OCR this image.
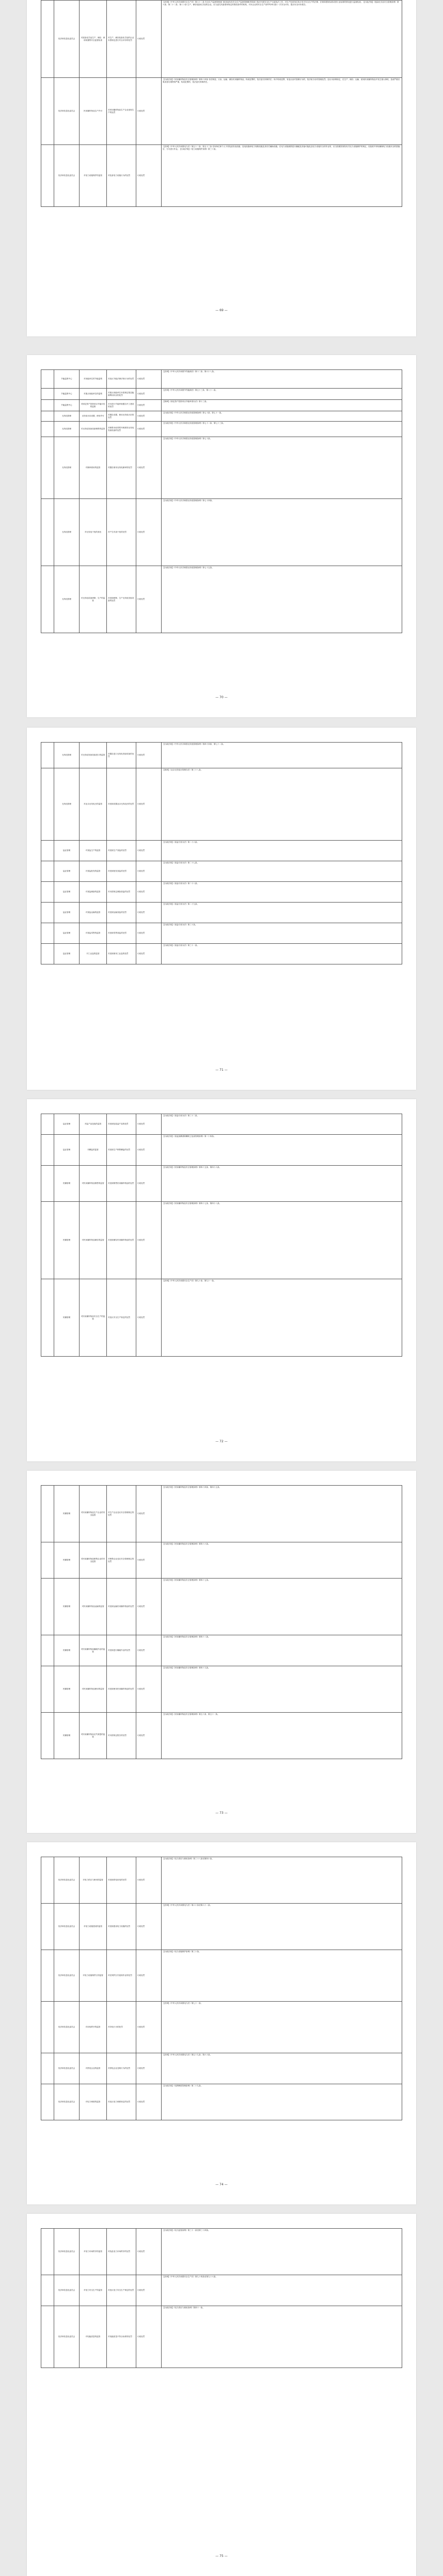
	经济和信息化委员会	对危险化学品生产、储存、使用装置的安全监管检查	对生产、储存危险化学品的企业未按规定进行安全评价的处罚	行政处罚	【法律】《中华人民共和国安全生产法》第六十二条 安全生产监督管理部门和其他负有安全生产监督管理职责的部门依法开展安全生产行政执法工作，对生产经营单位执行有关安全生产的法律、法规和国家标准或者行业标准的情况进行监督检查。【行政法规】《危险化学品安全管理条例》第六条、第二十二条、第八十条 生产、储存危险化学品的企业，应当委托具备国家规定的资质条件的机构，对本企业的安全生产条件每3年进行一次安全评价，提出安全评价报告。
	经济和信息化委员会	民用爆炸物品生产许可	对民用爆炸物品生产企业违规生产的处罚	行政处罚	【行政法规】《民用爆炸物品安全管理条例》第四十四条 非法制造、买卖、运输、储存民用爆炸物品，构成犯罪的，依法追究刑事责任；尚不构成犯罪，有违反治安管理行为的，依法给予治安管理处罚。违反本条例规定，在生产、储存、运输、使用民用爆炸物品中发生重大事故，造成严重后果或者后果特别严重，构成犯罪的，依法追究刑事责任。
	经济和信息化委员会	对电力设施保护的监管	对危害电力设施行为的处罚	行政处罚	【法律】《中华人民共和国电力法》第五十二条、第五十三条 任何单位和个人不得危害发电设施、变电设施和电力线路设施及其有关辅助设施。在电力设施周围进行爆破及其他可能危及电力设施安全的作业的，应当按照国务院有关电力设施保护的规定，经批准并采取确保电力设施安全的措施后，方可进行作业。【行政法规】《电力设施保护条例》第三十条。
— 69 —
	节能监察中心	对用能单位的节能监察	对违反节能法律法规行为的处罚	行政处罚	【法律】《中华人民共和国节约能源法》第十二条、第六十八条。
	节能监察中心	对重点用能单位的监察	对重点用能单位未按规定报送能源利用状况的处罚	行政处罚	【法律】《中华人民共和国节约能源法》第五十三条、第八十二条。
	节能监察中心	对固定资产投资项目节能评估的监察	对未进行节能审查擅自开工建设的处罚	行政处罚	【规章】《固定资产投资项目节能审查办法》第十三条。
	无线电管理	无线电台站设置、使用许可	对擅自设置、使用无线电台站的处罚	行政处罚	【行政法规】《中华人民共和国无线电管理条例》第七十条、第七十一条。
	无线电管理	对无线电发射设备销售的监管	对销售未取得型号核准的无线电发射设备的处罚	行政处罚	【行政法规】《中华人民共和国无线电管理条例》第七十二条、第七十三条。
	无线电管理	对频率使用的监管	对擅自使用无线电频率的处罚	行政处罚	【行政法规】《中华人民共和国无线电管理条例》第七十条。
	无线电管理	对无线电干扰的查处	对产生有害干扰的处罚	行政处罚	【行政法规】《中华人民共和国无线电管理条例》第七十四条。
	无线电管理	对无线电设备研制、生产的监管	对违规研制、生产无线电发射设备的处罚	行政处罚	【行政法规】《中华人民共和国无线电管理条例》第七十五条。
— 70 —
	无线电管理	对无线电发射设备进口的监管	对擅自进口无线电发射设备的处罚	行政处罚	【行政法规】《中华人民共和国无线电管理条例》第四十四条、第七十二条。
	无线电管理	对业余无线电台的监管	对违规设置业余无线电台的处罚	行政处罚	【规章】《业余无线电台管理办法》第三十八条。
	盐业管理	对食盐生产的监管	对违规生产食盐的处罚	行政处罚	【行政法规】《食盐专营办法》第二十六条。
	盐业管理	对食盐批发的监管	对违规批发食盐的处罚	行政处罚	【行政法规】《食盐专营办法》第二十七条。
	盐业管理	对食盐储备的监管	对未按规定储备食盐的处罚	行政处罚	【行政法规】《食盐专营办法》第二十八条。
	盐业管理	对食盐运输的监管	对违规运输食盐的处罚	行政处罚	【行政法规】《食盐专营办法》第二十九条。
	盐业管理	对食盐零售的监管	对违规零售食盐的处罚	行政处罚	【行政法规】《食盐专营办法》第三十条。
	盐业管理	对工业盐的监管	对违规使用工业盐的处罚	行政处罚	【行政法规】《食盐专营办法》第三十一条。
— 71 —
	盐业管理	对盐产品包装的监管	对违规包装盐产品的处罚	行政处罚	【行政法规】《食盐专营办法》第三十二条。
	盐业管理	对碘盐的监管	对违规生产销售碘盐的处罚	行政处罚	【行政法规】《食盐加碘消除碘缺乏危害管理条例》第二十四条。
	民爆管理	对民用爆炸物品销售的监管	对违规销售民用爆炸物品的处罚	行政处罚	【行政法规】《民用爆炸物品安全管理条例》第四十五条、第四十六条。
	民爆管理	对民用爆炸物品储存的监管	对违规储存民用爆炸物品的处罚	行政处罚	【行政法规】《民用爆炸物品安全管理条例》第四十七条、第四十八条。
	民爆管理	对民用爆炸物品安全生产的监管	对违反安全生产规定的处罚	行政处罚	【法律】《中华人民共和国安全生产法》第九十条、第九十一条。
— 72 —
	民爆管理	对民用爆炸物品生产企业的安全监管	对生产企业违反安全管理规定的处罚	行政处罚	【行政法规】《民用爆炸物品安全管理条例》第四十四条、第四十五条。
	民爆管理	对民用爆炸物品销售企业的安全监管	对销售企业违反安全管理规定的处罚	行政处罚	【行政法规】《民用爆炸物品安全管理条例》第四十六条。
	民爆管理	对民用爆炸物品运输的监管	对违规运输民用爆炸物品的处罚	行政处罚	【行政法规】《民用爆炸物品安全管理条例》第四十七条。
	民爆管理	对民用爆炸物品爆破作业的监管	对违规进行爆破作业的处罚	行政处罚	【行政法规】《民用爆炸物品安全管理条例》第四十八条。
	民爆管理	对民用爆炸物品使用的监管	对违规使用民用爆炸物品的处罚	行政处罚	【行政法规】《民用爆炸物品安全管理条例》第四十九条。
	民爆管理	对民用爆炸物品丢失被盗的监管	对未按规定报告的处罚	行政处罚	【行政法规】《民用爆炸物品安全管理条例》第五十条、第五十一条。
— 73 —
	经济和信息化委员会	对电力供应与使用的监管	对违规供电用电的处罚	行政处罚	【行政法规】《电力供应与使用条例》第三十八条至第四十条。
	经济和信息化委员会	对电力设施建设的监管	对违规建设电力设施的处罚	行政处罚	【法律】《中华人民共和国电力法》第六十条至第六十二条。
	经济和信息化委员会	对电力设施保护区的监管	对在保护区内违规作业的处罚	行政处罚	【行政法规】《电力设施保护条例》第三十条。
	经济和信息化委员会	对用电秩序的监管	对窃电行为的处罚	行政处罚	【法律】《中华人民共和国电力法》第七十一条。
	经济和信息化委员会	对供电企业的监管	对供电企业违规行为的处罚	行政处罚	【法律】《中华人民共和国电力法》第五十九条、第六十条。
	经济和信息化委员会	对电力调度的监管	对违反电力调度规定的处罚	行政处罚	【行政法规】《电网调度管理条例》第二十九条。
— 74 —
	经济和信息化委员会	对电力市场秩序的监管	对扰乱电力市场秩序的处罚	行政处罚	【行政法规】《电力监管条例》第三十一条至第三十四条。
	经济和信息化委员会	对电力安全生产的监管	对违反电力安全生产规定的处罚	行政处罚	【法律】《中华人民共和国安全生产法》第九十四条至第九十六条。
	经济和信息化委员会	对电能质量的监管	对电能质量不符合标准的处罚	行政处罚	【行政法规】《电力供应与使用条例》第四十一条。
— 75 —
